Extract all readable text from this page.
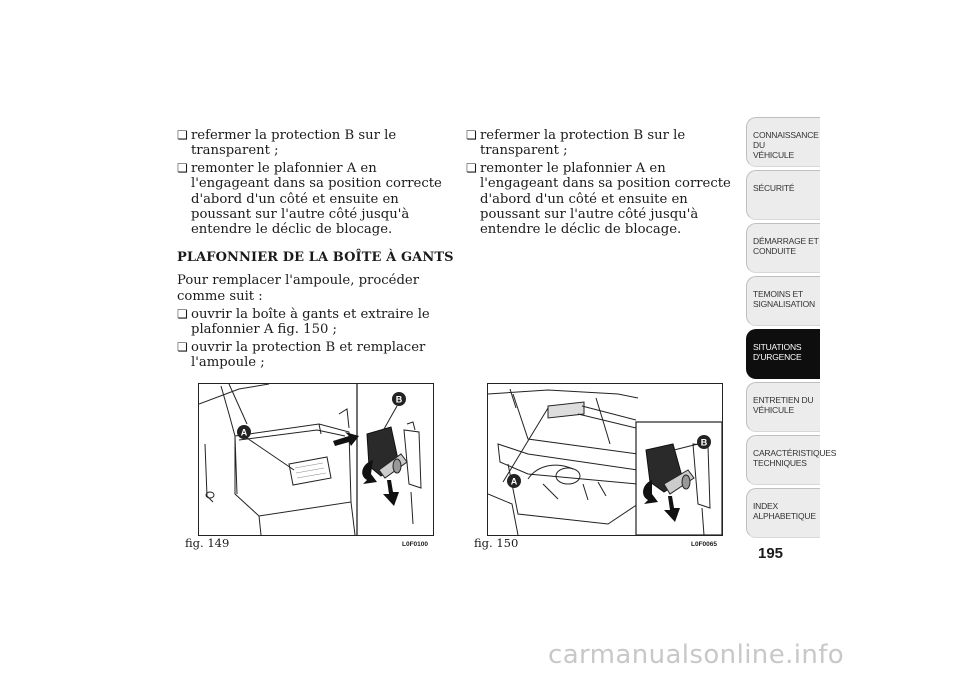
❏ refermer la protection B sur le transparent ;
❏ remonter le plafonnier A en l'engageant dans sa position correcte d'abord d'un côté et ensuite en poussant sur l'autre côté jusqu'à entendre le déclic de blocage.
PLAFONNIER DE LA BOÎTE À GANTS
Pour remplacer l'ampoule, procéder comme suit :
❏ ouvrir la boîte à gants et extraire le plafonnier A fig. 150 ;
❏ ouvrir la protection B et remplacer l'ampoule ;
❏ refermer la protection B sur le transparent ;
❏ remonter le plafonnier A en l'engageant dans sa position correcte d'abord d'un côté et ensuite en poussant sur l'autre côté jusqu'à entendre le déclic de blocage.
A
B
fig. 149	L0F0100
A
B
fig. 150	L0F0065
CONNAISSANCE DU
VÉHICULE
SÉCURITÉ
DÉMARRAGE ET
CONDUITE
TEMOINS ET
SIGNALISATION
SITUATIONS
D'URGENCE
ENTRETIEN DU
VÉHICULE
CARACTÉRISTIQUES
TECHNIQUES
INDEX
ALPHABETIQUE
195
carmanualsonline.info
